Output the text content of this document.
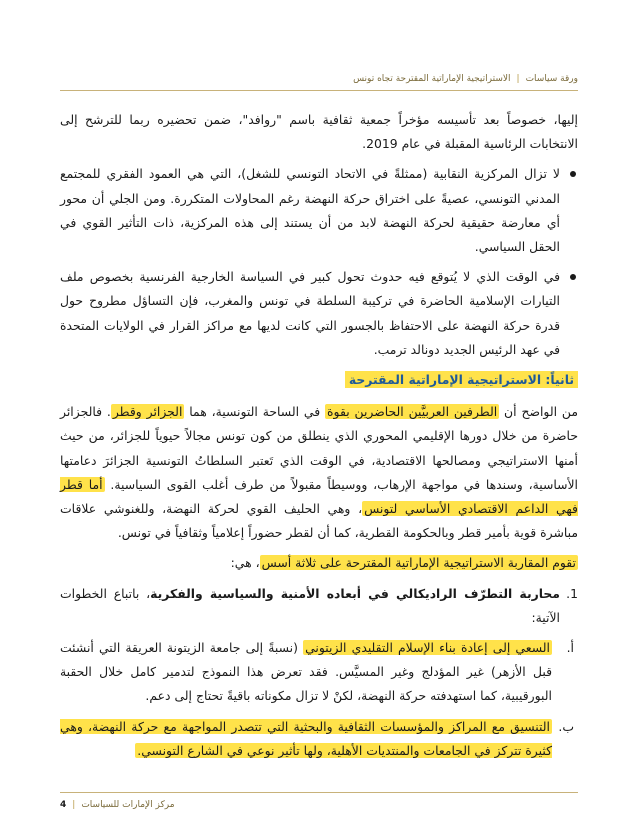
ورقة سياسات
|
الاستراتيجية الإماراتية المقترحة تجاه تونس

إليها، خصوصاً بعد تأسيسه مؤخراً جمعية ثقافية باسم "روافد"، ضمن تحضيره ربما للترشح إلى الانتخابات الرئاسية المقبلة في عام 2019.

لا تزال المركزية النقابية (ممثلةً في الاتحاد التونسي للشغل)، التي هي العمود الفقري للمجتمع المدني التونسي، عصيةً على اختراق حركة النهضة رغم المحاولات المتكررة. ومن الجلي أن محور أي معارضة حقيقية لحركة النهضة لابد من أن يستند إلى هذه المركزية، ذات التأثير القوي في الحقل السياسي.

في الوقت الذي لا يُتوقع فيه حدوث تحول كبير في السياسة الخارجية الفرنسية بخصوص ملف التيارات الإسلامية الحاضرة في تركيبة السلطة في تونس والمغرب، فإن التساؤل مطروح حول قدرة حركة النهضة على الاحتفاظ بالجسور التي كانت لديها مع مراكز القرار في الولايات المتحدة في عهد الرئيس الجديد دونالد ترمب.

ثانياً: الاستراتيجية الإماراتية المقترحة

من الواضح أن الطرفين العربيَّين الحاضرين بقوة في الساحة التونسية، هما الجزائر وقطر. فالجزائر حاضرة من خلال دورها الإقليمي المحوري الذي ينطلق من كون تونس مجالاً حيوياً للجزائر، من حيث أمنها الاستراتيجي ومصالحها الاقتصادية، في الوقت الذي تَعتبر السلطاتُ التونسية الجزائرَ دعامتها الأساسية، وسندها في مواجهة الإرهاب، ووسيطاً مقبولاً من طرف أغلب القوى السياسية. أما قطر فهي الداعم الاقتصادي الأساسي لتونس، وهي الحليف القوي لحركة النهضة، وللغنوشي علاقات مباشرة قوية بأمير قطر وبالحكومة القطرية، كما أن لقطر حضوراً إعلامياً وثقافياً في تونس.

تقوم المقاربة الاستراتيجية الإماراتية المقترحة على ثلاثة أسس، هي:

1.
محاربة التطرّف الراديكالي في أبعاده الأمنية والسياسية والفكرية، باتباع الخطوات الآتية:

أ.
السعي إلى إعادة بناء الإسلام التقليدي الزيتوني (نسبةً إلى جامعة الزيتونة العريقة التي أنشئت قبل الأزهر) غير المؤدلج وغير المسيَّس. فقد تعرض هذا النموذج لتدمير كامل خلال الحقبة البورقيبية، كما استهدفته حركة النهضة، لكنْ لا تزال مكوناته باقيةً تحتاج إلى دعم.

ب.
التنسيق مع المراكز والمؤسسات الثقافية والبحثية التي تتصدر المواجهة مع حركة النهضة، وهي كثيرة تتركز في الجامعات والمنتديات الأهلية، ولها تأثير نوعي في الشارع التونسي.

4 | مركز الإمارات للسياسات
